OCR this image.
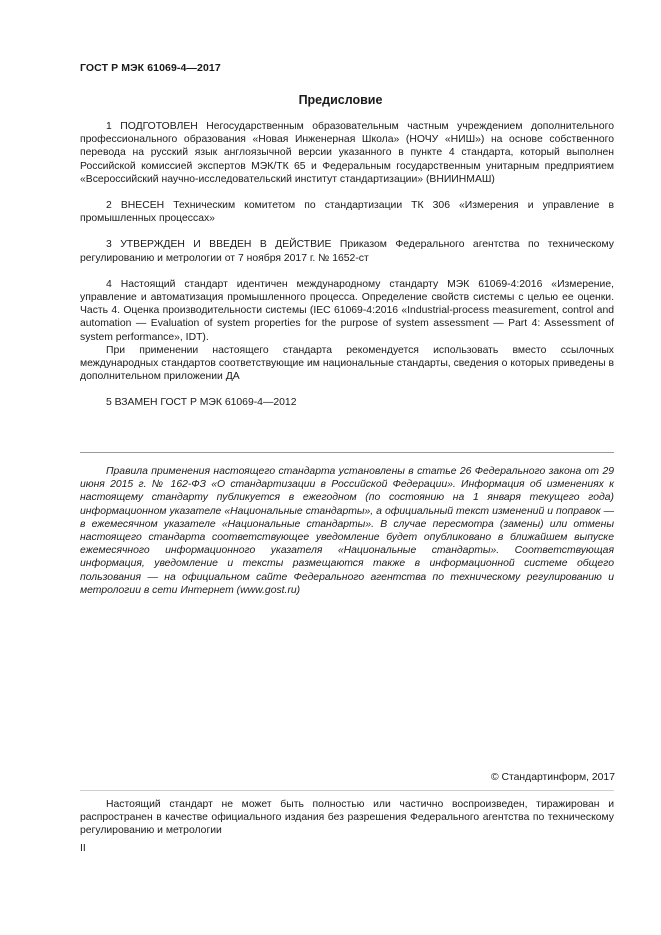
ГОСТ Р МЭК 61069-4—2017
Предисловие

1 ПОДГОТОВЛЕН Негосударственным образовательным частным учреждением дополнительного профессионального образования «Новая Инженерная Школа» (НОЧУ «НИШ») на основе собственного перевода на русский язык англоязычной версии указанного в пункте 4 стандарта, который выполнен Российской комиссией экспертов МЭК/ТК 65 и Федеральным государственным унитарным предприятием «Всероссийский научно-исследовательский институт стандартизации» (ВНИИНМАШ)

2 ВНЕСЕН Техническим комитетом по стандартизации ТК 306 «Измерения и управление в промышленных процессах»

3 УТВЕРЖДЕН И ВВЕДЕН В ДЕЙСТВИЕ Приказом Федерального агентства по техническому регулированию и метрологии от 7 ноября 2017 г. № 1652-ст

4 Настоящий стандарт идентичен международному стандарту МЭК 61069-4:2016 «Измерение, управление и автоматизация промышленного процесса. Определение свойств системы с целью ее оценки. Часть 4. Оценка производительности системы (IEC 61069-4:2016 «Industrial-process measurement, control and automation — Evaluation of system properties for the purpose of system assessment — Part 4: Assessment of system performance», IDT).

При применении настоящего стандарта рекомендуется использовать вместо ссылочных международных стандартов соответствующие им национальные стандарты, сведения о которых приведены в дополнительном приложении ДА

5 ВЗАМЕН ГОСТ Р МЭК 61069-4—2012

Правила применения настоящего стандарта установлены в статье 26 Федерального закона от 29 июня 2015 г. № 162-ФЗ «О стандартизации в Российской Федерации». Информация об изменениях к настоящему стандарту публикуется в ежегодном (по состоянию на 1 января текущего года) информационном указателе «Национальные стандарты», а официальный текст изменений и поправок — в ежемесячном указателе «Национальные стандарты». В случае пересмотра (замены) или отмены настоящего стандарта соответствующее уведомление будет опубликовано в ближайшем выпуске ежемесячного информационного указателя «Национальные стандарты». Соответствующая информация, уведомление и тексты размещаются также в информационной системе общего пользования — на официальном сайте Федерального агентства по техническому регулированию и метрологии в сети Интернет (www.gost.ru)

© Стандартинформ, 2017

Настоящий стандарт не может быть полностью или частично воспроизведен, тиражирован и распространен в качестве официального издания без разрешения Федерального агентства по техническому регулированию и метрологии

II
